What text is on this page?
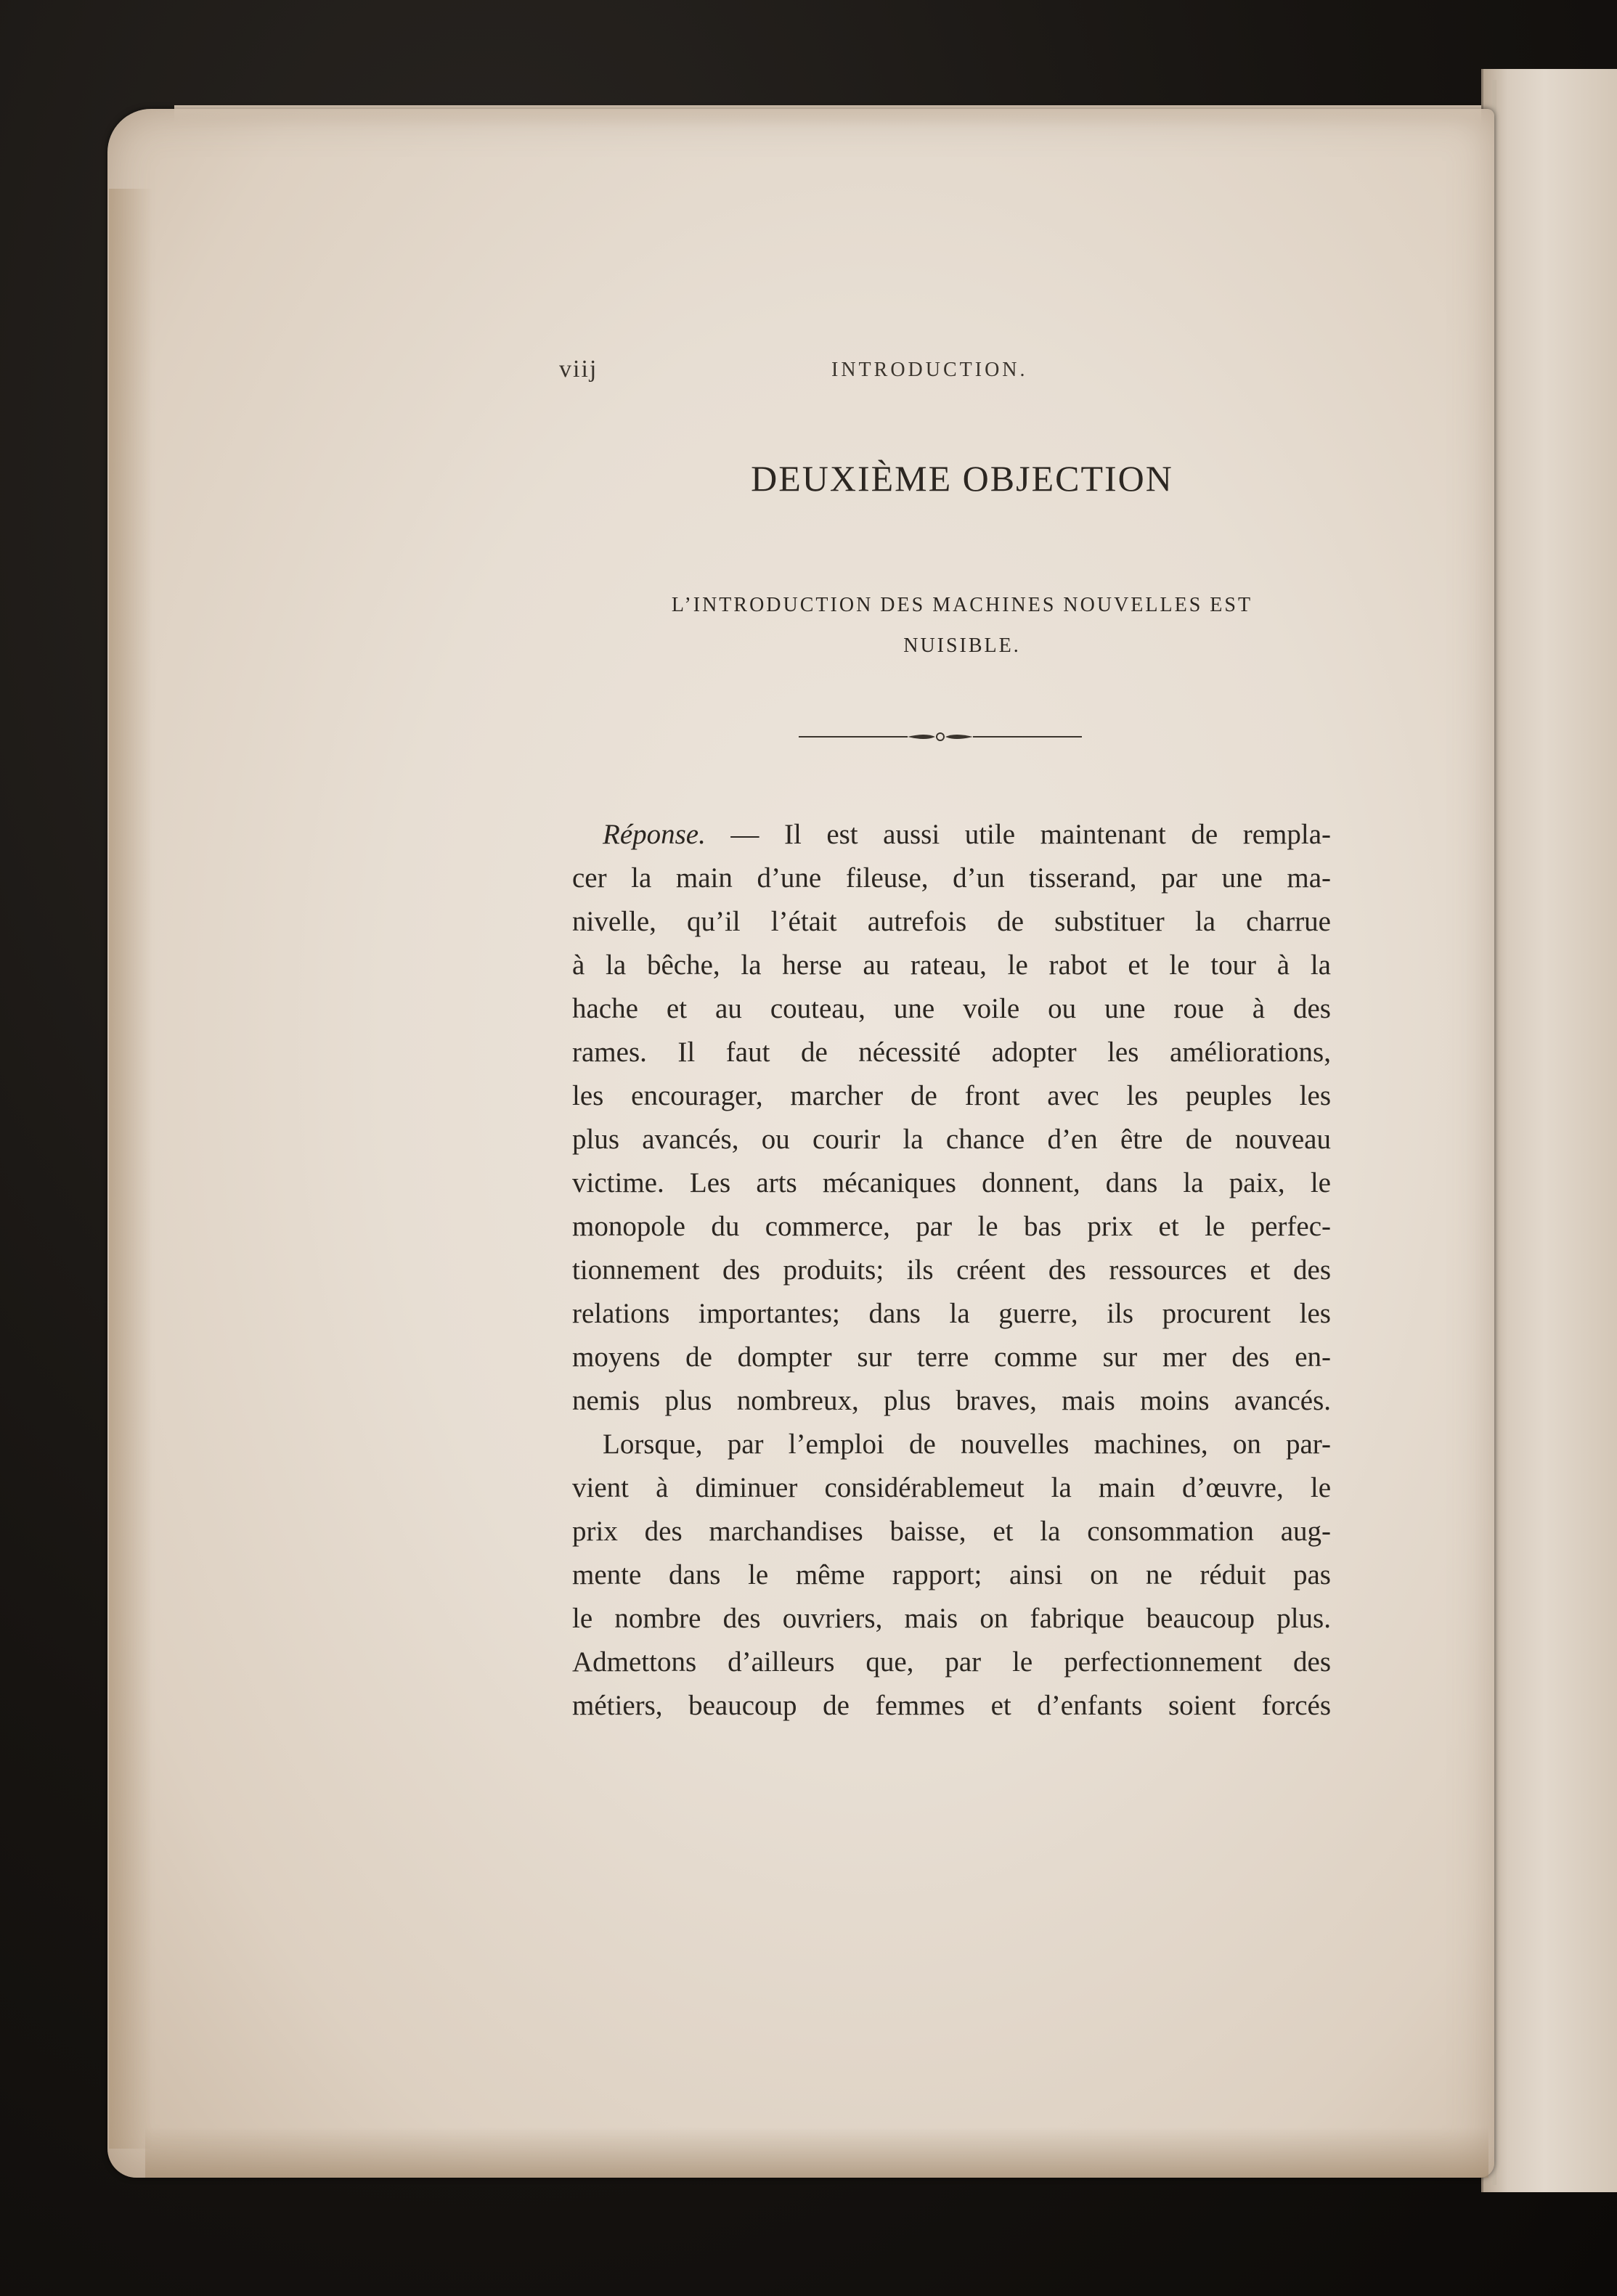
viij	INTRODUCTION.
DEUXIÈME OBJECTION
L’INTRODUCTION DES MACHINES NOUVELLES EST
NUISIBLE.
Réponse. — Il est aussi utile maintenant de rempla-
cer la main d’une fileuse, d’un tisserand, par une ma-
nivelle, qu’il l’était autrefois de substituer la charrue
à la bêche, la herse au rateau, le rabot et le tour à la
hache et au couteau, une voile ou une roue à des
rames. Il faut de nécessité adopter les améliorations,
les encourager, marcher de front avec les peuples les
plus avancés, ou courir la chance d’en être de nouveau
victime. Les arts mécaniques donnent, dans la paix, le
monopole du commerce, par le bas prix et le perfec-
tionnement des produits; ils créent des ressources et des
relations importantes; dans la guerre, ils procurent les
moyens de dompter sur terre comme sur mer des en-
nemis plus nombreux, plus braves, mais moins avancés.
Lorsque, par l’emploi de nouvelles machines, on par-
vient à diminuer considérablemeut la main d’œuvre, le
prix des marchandises baisse, et la consommation aug-
mente dans le même rapport; ainsi on ne réduit pas
le nombre des ouvriers, mais on fabrique beaucoup plus.
Admettons d’ailleurs que, par le perfectionnement des
métiers, beaucoup de femmes et d’enfants soient forcés
